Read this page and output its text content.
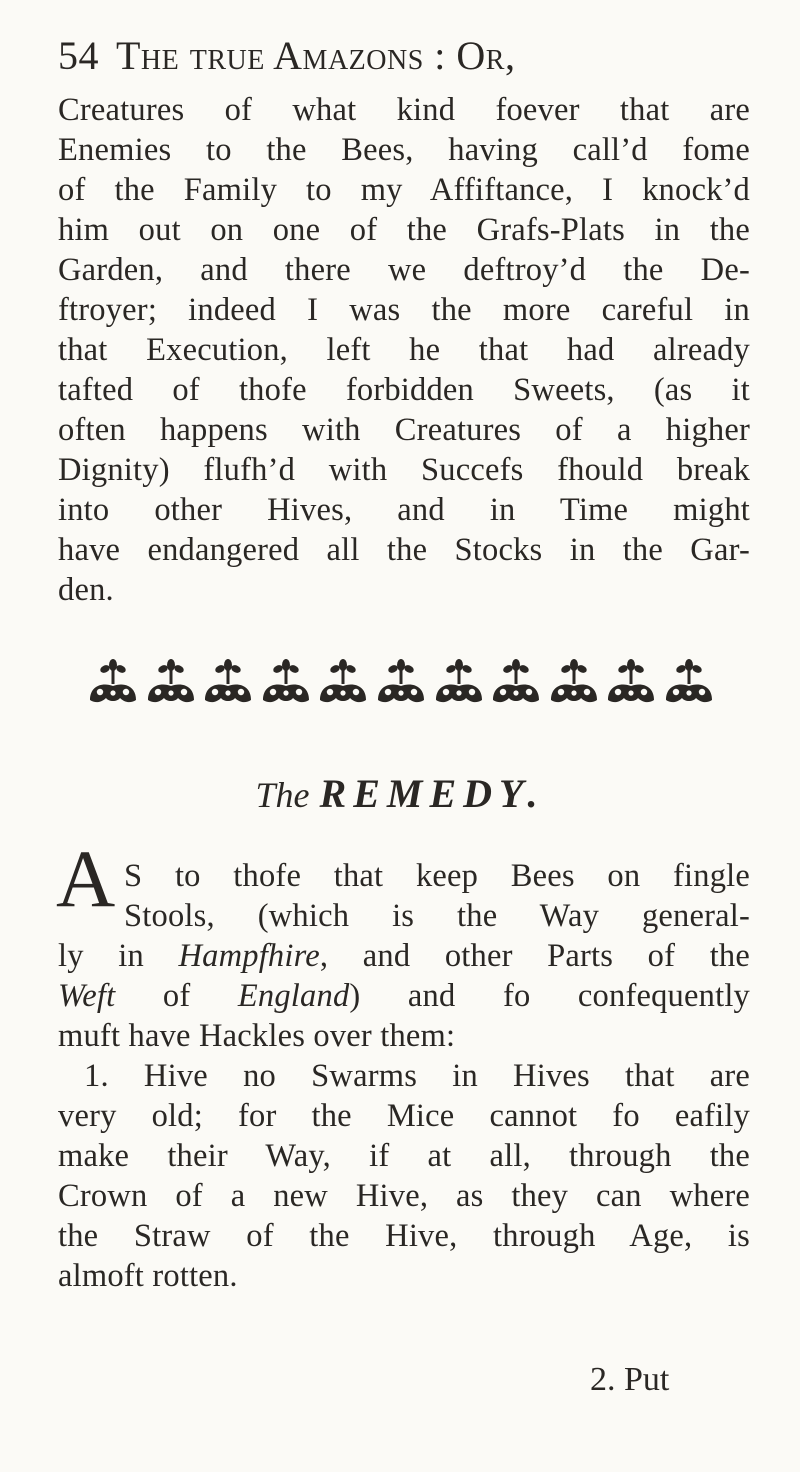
54 The true Amazons : Or,
Creatures of what kind foever that are
Enemies to the Bees, having call’d fome
of the Family to my Affiftance, I knock’d
him out on one of the Grafs-Plats in the
Garden, and there we deftroy’d the De-
ftroyer; indeed I was the more careful in
that Execution, left he that had already
tafted of thofe forbidden Sweets, (as it
often happens with Creatures of a higher
Dignity) flufh’d with Succefs fhould break
into other Hives, and in Time might
have endangered all the Stocks in the Gar-
den.
The REMEDY.
A S to thofe that keep Bees on fingle
Stools, (which is the Way general-
ly in Hampfhire, and other Parts of the
Weft of England) and fo confequently
muft have Hackles over them:
1. Hive no Swarms in Hives that are
very old; for the Mice cannot fo eafily
make their Way, if at all, through the
Crown of a new Hive, as they can where
the Straw of the Hive, through Age, is
almoft rotten.
2. Put
